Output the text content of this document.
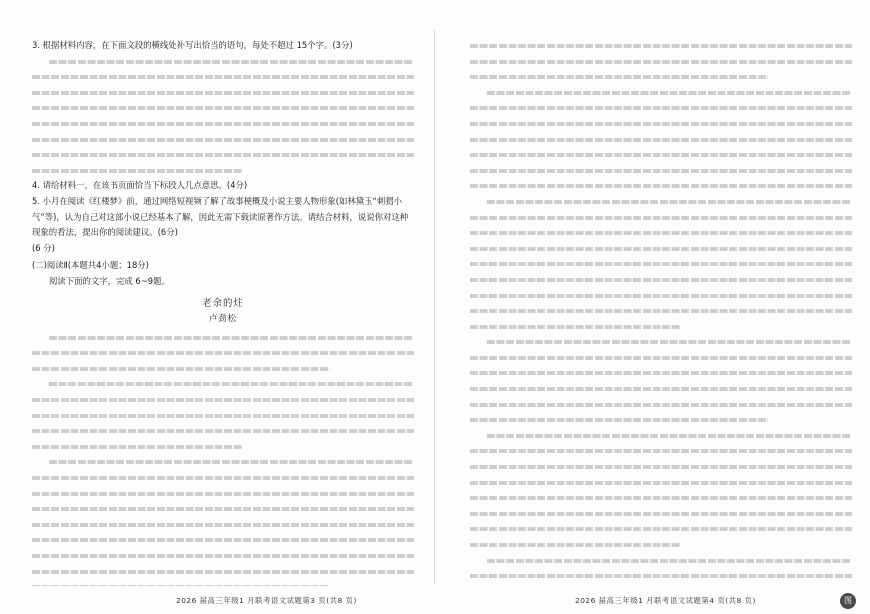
3. 根据材料内容，在下面文段的横线处补写出恰当的语句，每处不超过 15个字。(3分)

4. 请给材料一，在该书页面恰当下标段人几点意思。(4分)

5. 小月在阅读《红楼梦》前，通过网络短视频了解了故事梗概及小说主要人物形象(如林黛玉“刺猬小气”等)，认为自己对这部小说已经基本了解，因此无需下载读原著作方法。请结合材料，说说你对这种现象的看法，提出你的阅读建议。(6分)

(6 分)

(二)阅读Ⅱ(本题共4小题；18分)

阅读下面的文字，完成 6~9题。

老余的炷

卢劲松

2026 届高三年级1 月联考语文试题第3 页(共8 页)	2026 届高三年级1 月联考语文试题第4 页(共8 页)	图
